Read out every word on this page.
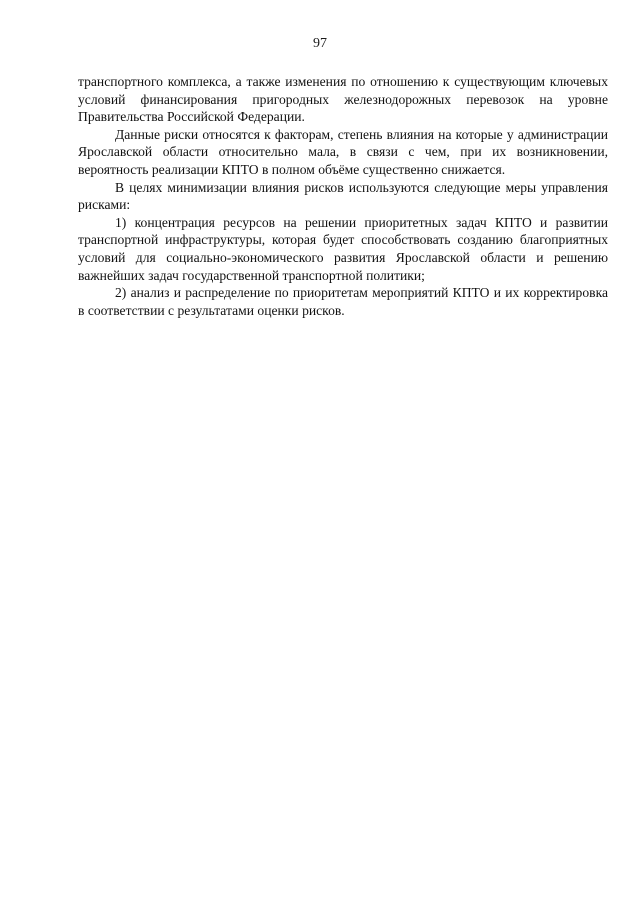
97

транспортного комплекса, а также изменения по отношению к существующим ключевых условий финансирования пригородных железнодорожных перевозок на уровне Правительства Российской Федерации.

Данные риски относятся к факторам, степень влияния на которые у администрации Ярославской области относительно мала, в связи с чем, при их возникновении, вероятность реализации КПТО в полном объёме существенно снижается.

В целях минимизации влияния рисков используются следующие меры управления рисками:

1) концентрация ресурсов на решении приоритетных задач КПТО и развитии транспортной инфраструктуры, которая будет способствовать созданию благоприятных условий для социально-экономического развития Ярославской области и решению важнейших задач государственной транспортной политики;

2) анализ и распределение по приоритетам мероприятий КПТО и их корректировка в соответствии с результатами оценки рисков.
